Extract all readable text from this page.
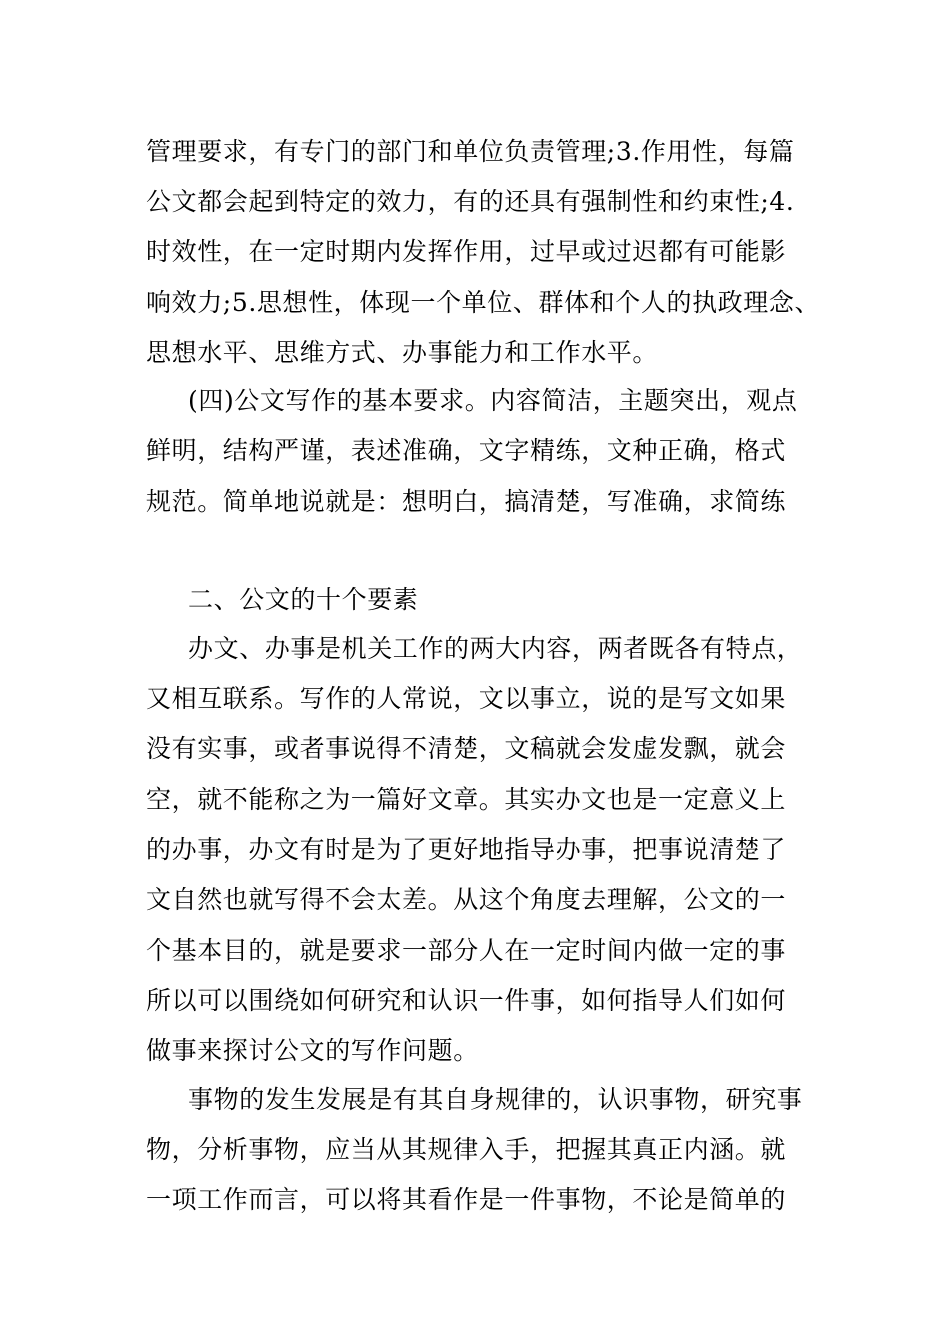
管理要求，有专门的部门和单位负责管理;3.作用性，每篇
公文都会起到特定的效力，有的还具有强制性和约束性;4.
时效性，在一定时期内发挥作用，过早或过迟都有可能影
响效力;5.思想性，体现一个单位、群体和个人的执政理念、
思想水平、思维方式、办事能力和工作水平。
(四)公文写作的基本要求。内容简洁，主题突出，观点
鲜明，结构严谨，表述准确，文字精练，文种正确，格式
规范。简单地说就是：想明白，搞清楚，写准确，求简练
二、公文的十个要素
办文、办事是机关工作的两大内容，两者既各有特点，
又相互联系。写作的人常说，文以事立，说的是写文如果
没有实事，或者事说得不清楚，文稿就会发虚发飘，就会
空，就不能称之为一篇好文章。其实办文也是一定意义上
的办事，办文有时是为了更好地指导办事，把事说清楚了
文自然也就写得不会太差。从这个角度去理解，公文的一
个基本目的，就是要求一部分人在一定时间内做一定的事
所以可以围绕如何研究和认识一件事，如何指导人们如何
做事来探讨公文的写作问题。
事物的发生发展是有其自身规律的，认识事物，研究事
物，分析事物，应当从其规律入手，把握其真正内涵。就
一项工作而言，可以将其看作是一件事物，不论是简单的
